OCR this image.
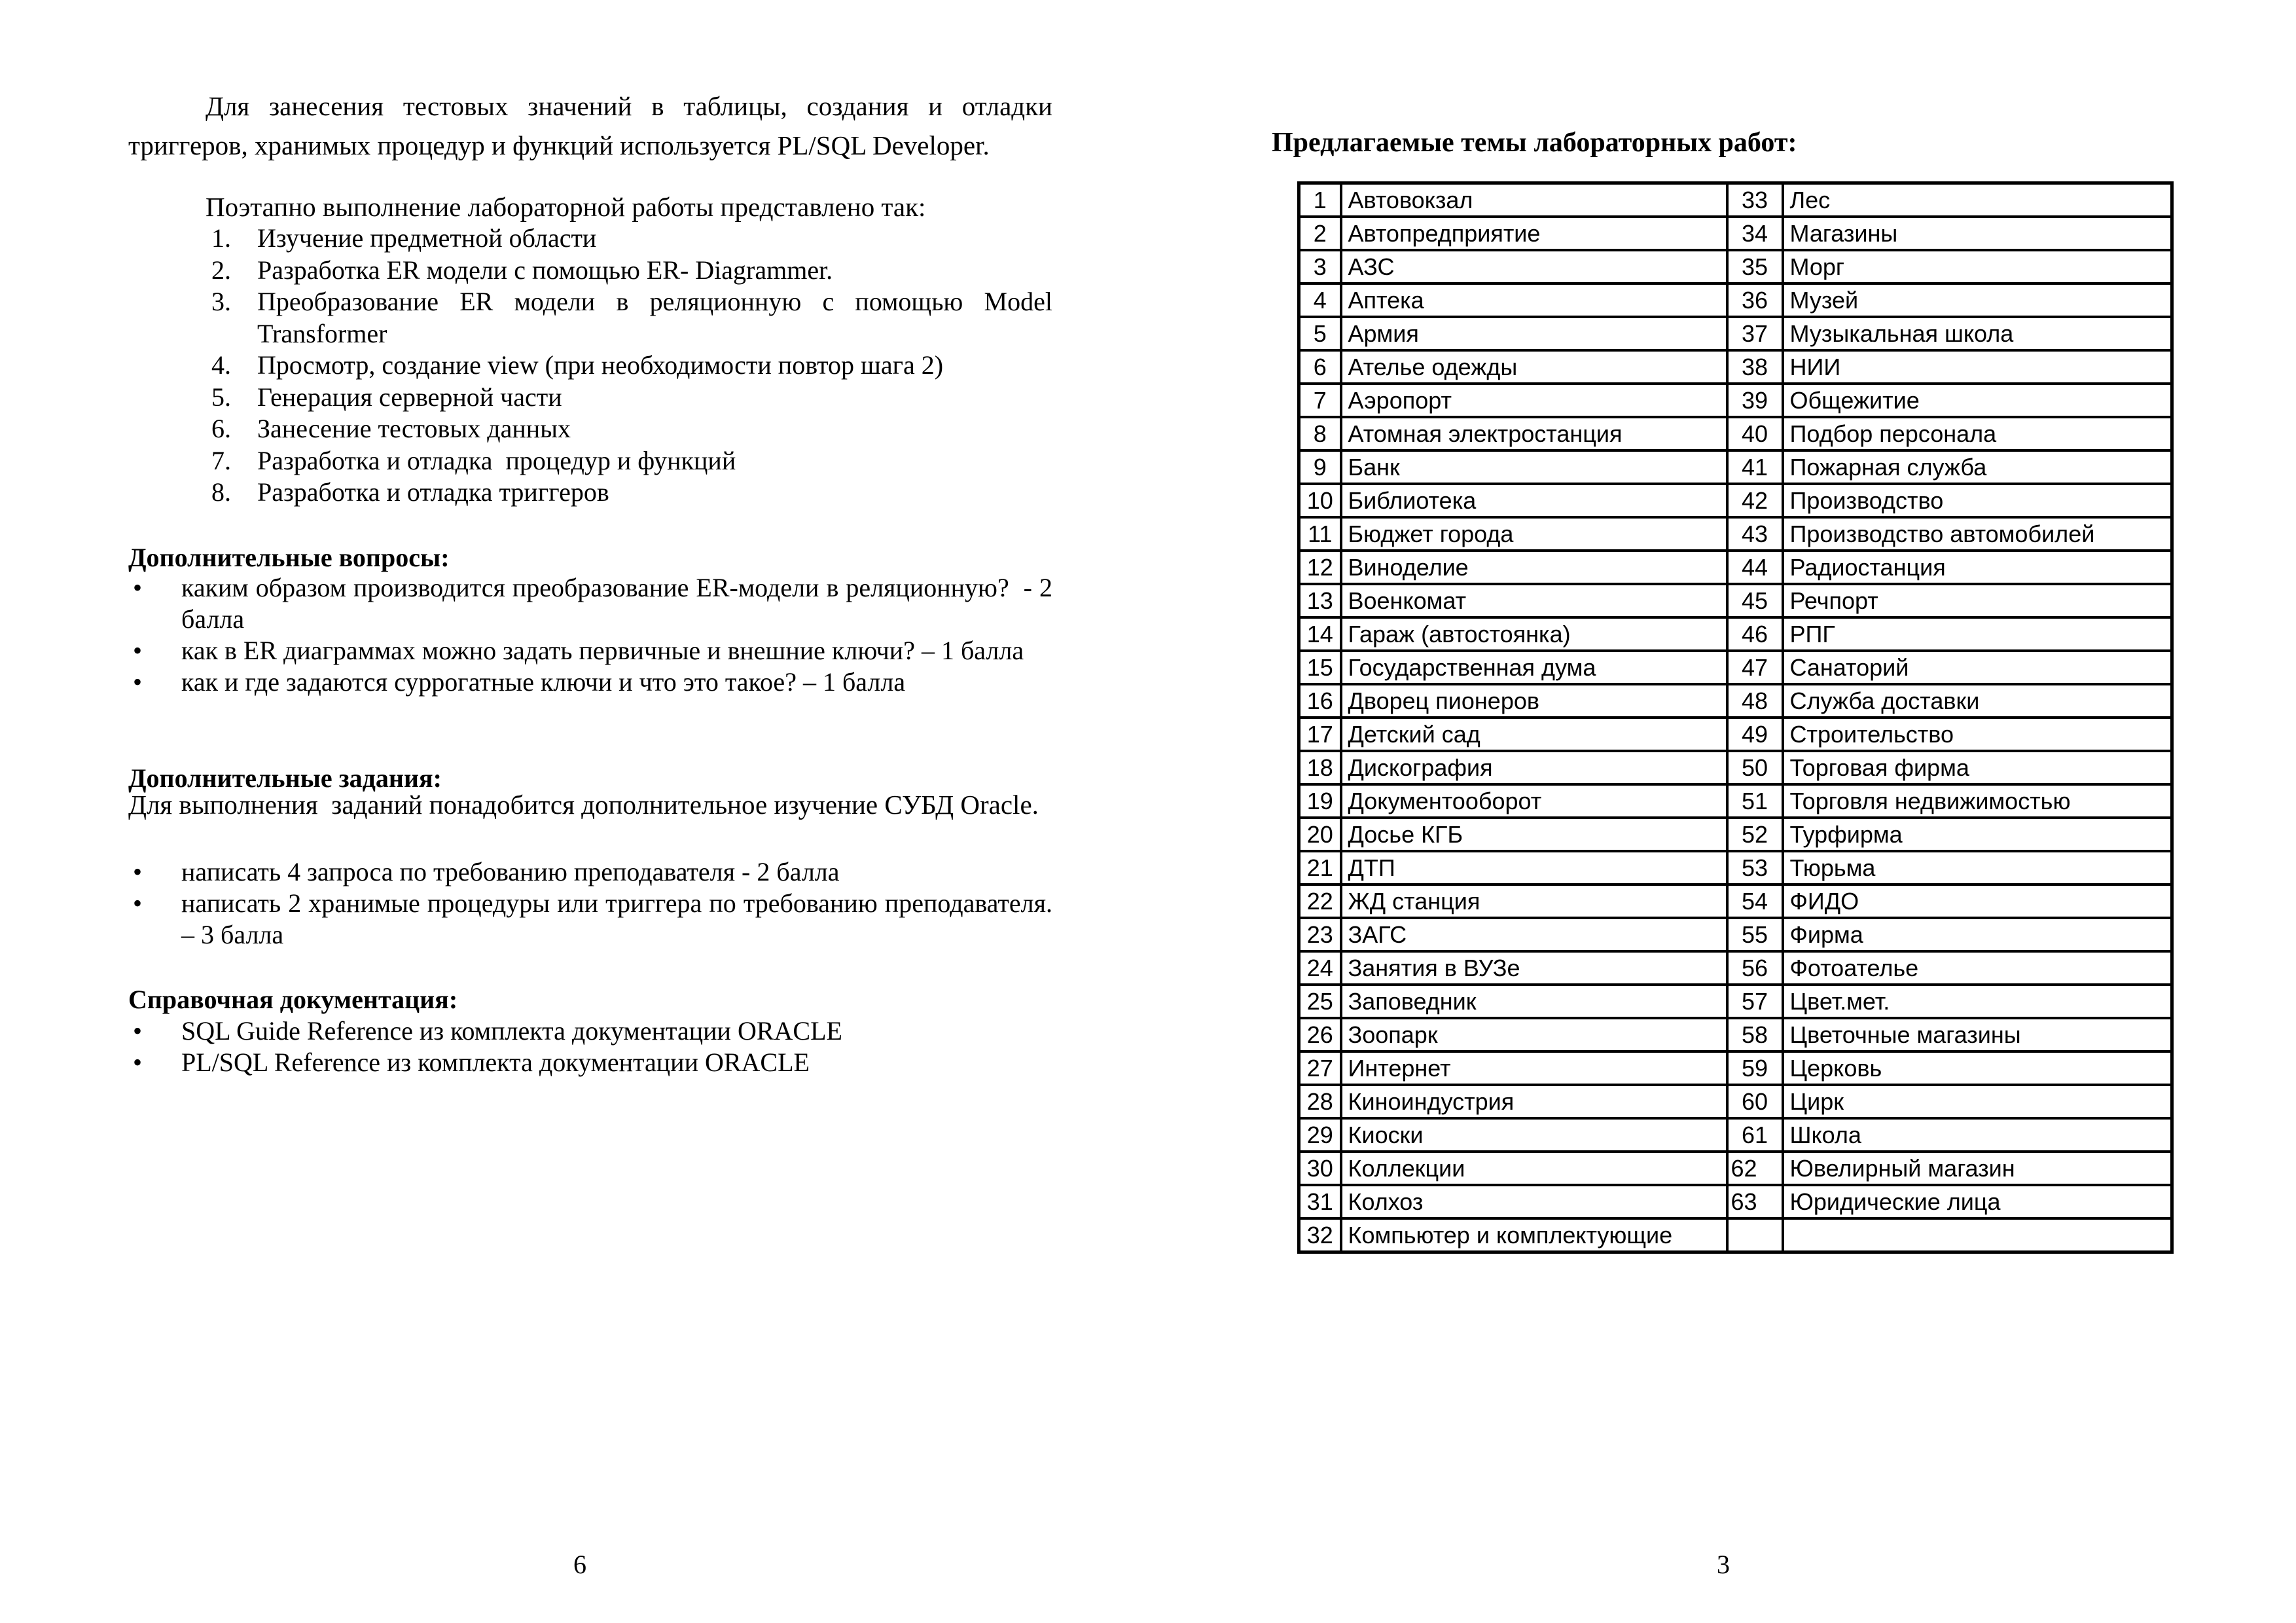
Для занесения тестовых значений в таблицы, создания и отладки триггеров, хранимых процедур и функций используется PL/SQL Developer.

Поэтапно выполнение лабораторной работы представлено так:

1.	Изучение предметной области
2.	Разработка ER модели с помощью ER- Diagrammer.
3.	Преобразование ER модели в реляционную с помощью Model Transformer
4.	Просмотр, создание view (при необходимости повтор шага 2)
5.	Генерация серверной части
6.	Занесение тестовых данных
7.	Разработка и отладка  процедур и функций
8.	Разработка и отладка триггеров
Дополнительные вопросы:
•	каким образом производится преобразование ER-модели в реляционную?  - 2 балла
•	как в ER диаграммах можно задать первичные и внешние ключи? – 1 балла
•	как и где задаются суррогатные ключи и что это такое? – 1 балла
Дополнительные задания:

Для выполнения  заданий понадобится дополнительное изучение СУБД Oracle.

•	написать 4 запроса по требованию преподавателя - 2 балла
•	написать 2 хранимые процедуры или триггера по требованию преподавателя. – 3 балла
Справочная документация:
•	SQL Guide Reference из комплекта документации ORACLE
•	PL/SQL Reference из комплекта документации ORACLE
6
Предлагаемые темы лабораторных работ:
1	Автовокзал	33	Лес
2	Автопредприятие	34	Магазины
3	АЗС	35	Морг
4	Аптека	36	Музей
5	Армия	37	Музыкальная школа
6	Ателье одежды	38	НИИ
7	Аэропорт	39	Общежитие
8	Атомная электростанция	40	Подбор персонала
9	Банк	41	Пожарная служба
10	Библиотека	42	Производство
11	Бюджет города	43	Производство автомобилей
12	Виноделие	44	Радиостанция
13	Военкомат	45	Речпорт
14	Гараж (автостоянка)	46	РПГ
15	Государственная дума	47	Санаторий
16	Дворец пионеров	48	Служба доставки
17	Детский сад	49	Строительство
18	Дискография	50	Торговая фирма
19	Документооборот	51	Торговля недвижимостью
20	Досье КГБ	52	Турфирма
21	ДТП	53	Тюрьма
22	ЖД станция	54	ФИДО
23	ЗАГС	55	Фирма
24	Занятия в ВУЗе	56	Фотоателье
25	Заповедник	57	Цвет.мет.
26	Зоопарк	58	Цветочные магазины
27	Интернет	59	Церковь
28	Киноиндустрия	60	Цирк
29	Киоски	61	Школа
30	Коллекции	62	Ювелирный магазин
31	Колхоз	63	Юридические лица
32	Компьютер и комплектующие		
3
